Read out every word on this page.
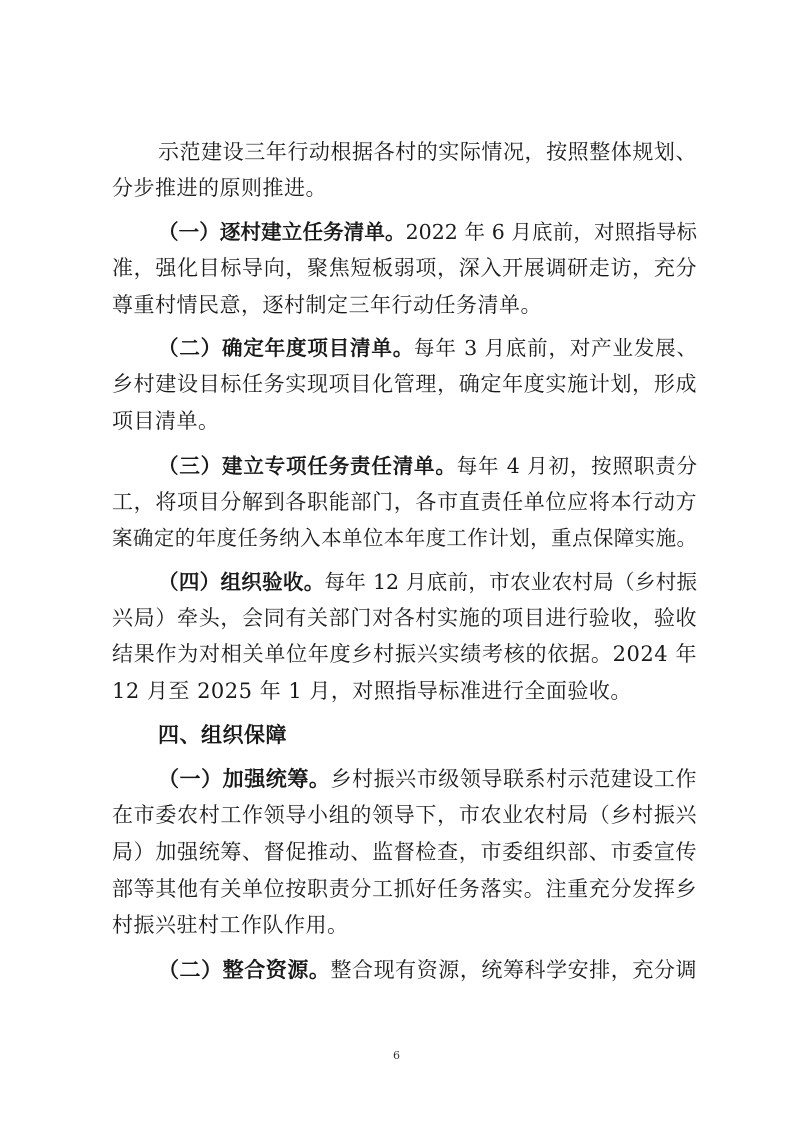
示范建设三年行动根据各村的实际情况，按照整体规划、
分步推进的原则推进。
（一）逐村建立任务清单。2022 年 6 月底前，对照指导标
准，强化目标导向，聚焦短板弱项，深入开展调研走访，充分
尊重村情民意，逐村制定三年行动任务清单。
（二）确定年度项目清单。每年 3 月底前，对产业发展、
乡村建设目标任务实现项目化管理，确定年度实施计划，形成
项目清单。
（三）建立专项任务责任清单。每年 4 月初，按照职责分
工，将项目分解到各职能部门，各市直责任单位应将本行动方
案确定的年度任务纳入本单位本年度工作计划，重点保障实施。
（四）组织验收。每年 12 月底前，市农业农村局（乡村振
兴局）牵头，会同有关部门对各村实施的项目进行验收，验收
结果作为对相关单位年度乡村振兴实绩考核的依据。2024 年
12 月至 2025 年 1 月，对照指导标准进行全面验收。
四、组织保障
（一）加强统筹。乡村振兴市级领导联系村示范建设工作
在市委农村工作领导小组的领导下，市农业农村局（乡村振兴
局）加强统筹、督促推动、监督检查，市委组织部、市委宣传
部等其他有关单位按职责分工抓好任务落实。注重充分发挥乡
村振兴驻村工作队作用。
（二）整合资源。整合现有资源，统筹科学安排，充分调
6
